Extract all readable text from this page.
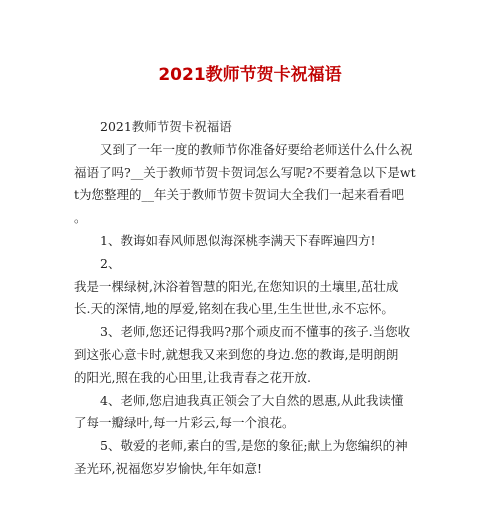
2021教师节贺卡祝福语
2021教师节贺卡祝福语
又到了一年一度的教师节你准备好要给老师送什么什么祝
福语了吗?__关于教师节贺卡贺词怎么写呢?不要着急以下是wt
t为您整理的__年关于教师节贺卡贺词大全我们一起来看看吧
。
1、教诲如春风师恩似海深桃李满天下春晖遍四方!
2、
我是一棵绿树,沐浴着智慧的阳光,在您知识的土壤里,茁壮成
长.天的深情,地的厚爱,铭刻在我心里,生生世世,永不忘怀。
3、老师,您还记得我吗?那个顽皮而不懂事的孩子.当您收
到这张心意卡时,就想我又来到您的身边.您的教诲,是明朗朗
的阳光,照在我的心田里,让我青春之花开放.
4、老师,您启迪我真正领会了大自然的恩惠,从此我读懂
了每一瓣绿叶,每一片彩云,每一个浪花。
5、敬爱的老师,素白的雪,是您的象征;献上为您编织的神
圣光环,祝福您岁岁愉快,年年如意!
